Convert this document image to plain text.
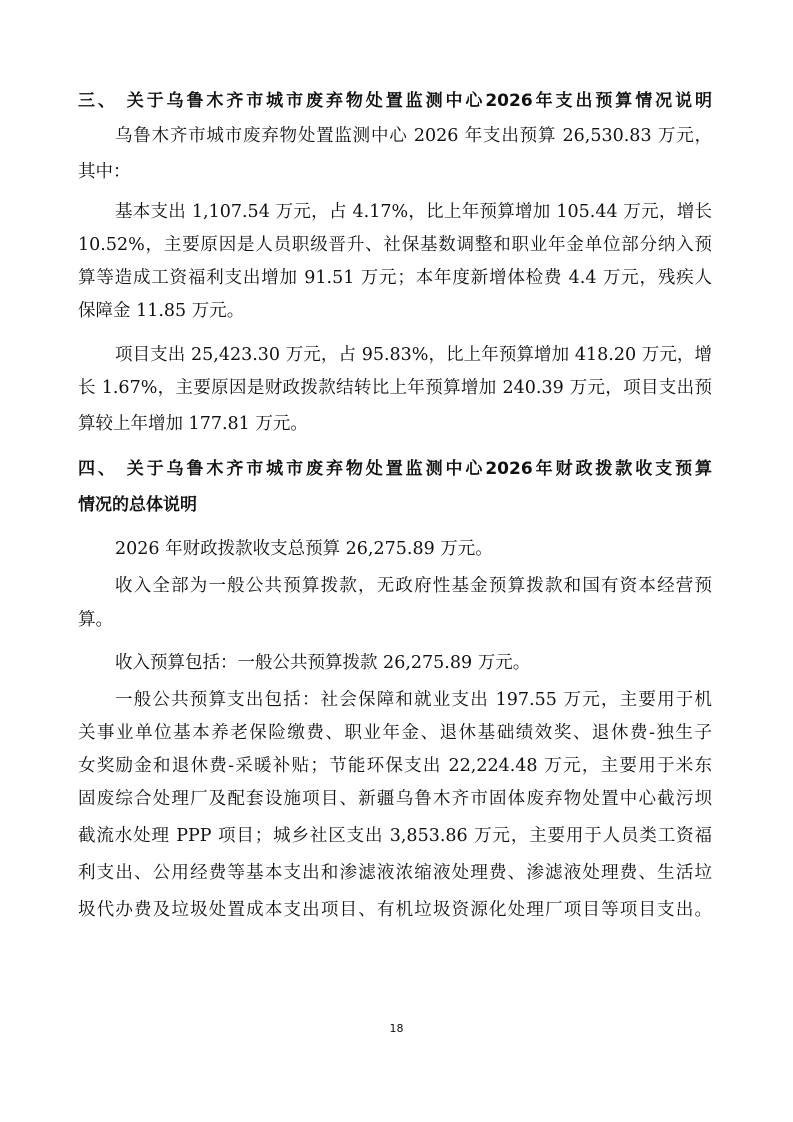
三、 关于乌鲁木齐市城市废弃物处置监测中心2026年支出预算情况说明
乌鲁木齐市城市废弃物处置监测中心 2026 年支出预算 26,530.83 万元，
其中：
基本支出 1,107.54 万元，占 4.17%，比上年预算增加 105.44 万元，增长
10.52%，主要原因是人员职级晋升、社保基数调整和职业年金单位部分纳入预
算等造成工资福利支出增加 91.51 万元；本年度新增体检费 4.4 万元，残疾人
保障金 11.85 万元。
项目支出 25,423.30 万元，占 95.83%，比上年预算增加 418.20 万元，增
长 1.67%，主要原因是财政拨款结转比上年预算增加 240.39 万元，项目支出预
算较上年增加 177.81 万元。
四、 关于乌鲁木齐市城市废弃物处置监测中心2026年财政拨款收支预算
情况的总体说明
2026 年财政拨款收支总预算 26,275.89 万元。
收入全部为一般公共预算拨款，无政府性基金预算拨款和国有资本经营预
算。
收入预算包括：一般公共预算拨款 26,275.89 万元。
一般公共预算支出包括：社会保障和就业支出 197.55 万元，主要用于机
关事业单位基本养老保险缴费、职业年金、退休基础绩效奖、退休费-独生子
女奖励金和退休费-采暖补贴；节能环保支出 22,224.48 万元，主要用于米东
固废综合处理厂及配套设施项目、新疆乌鲁木齐市固体废弃物处置中心截污坝
截流水处理 PPP 项目；城乡社区支出 3,853.86 万元，主要用于人员类工资福
利支出、公用经费等基本支出和渗滤液浓缩液处理费、渗滤液处理费、生活垃
圾代办费及垃圾处置成本支出项目、有机垃圾资源化处理厂项目等项目支出。
18
